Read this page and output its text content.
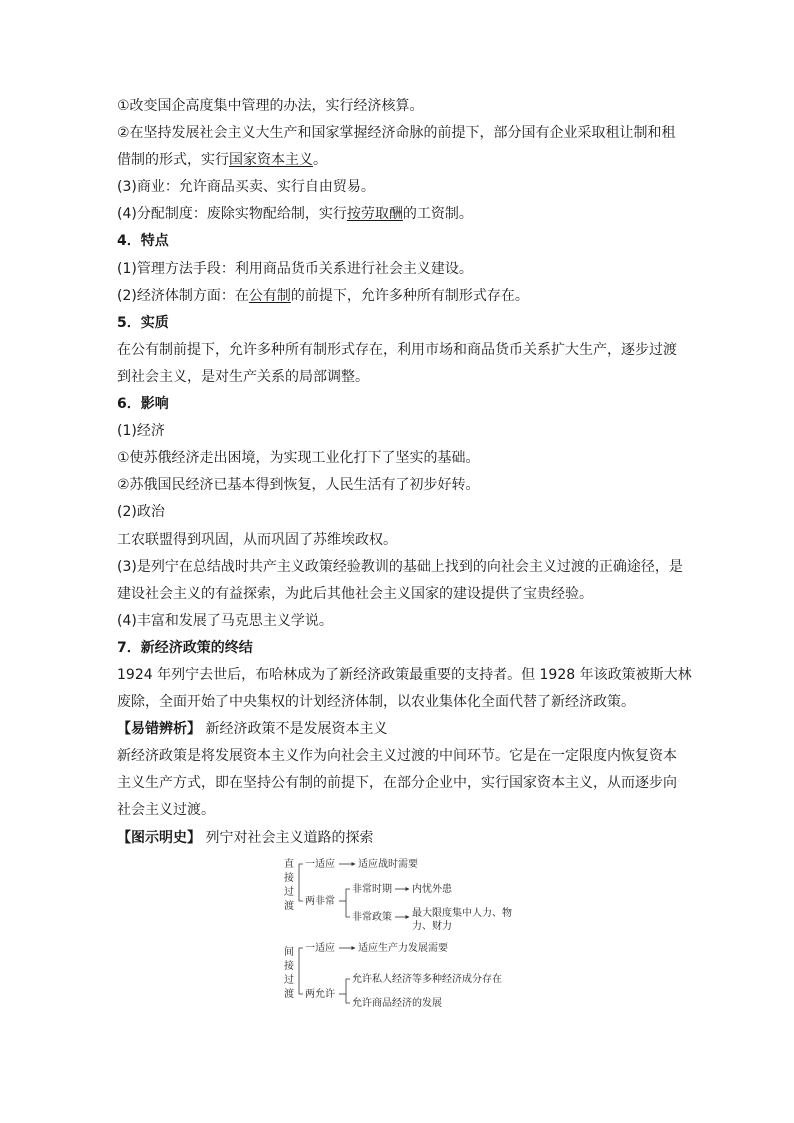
①改变国企高度集中管理的办法，实行经济核算。
②在坚持发展社会主义大生产和国家掌握经济命脉的前提下，部分国有企业采取租让制和租
借制的形式，实行国家资本主义。
(3)商业：允许商品买卖、实行自由贸易。
(4)分配制度：废除实物配给制，实行按劳取酬的工资制。
4．特点
(1)管理方法手段：利用商品货币关系进行社会主义建设。
(2)经济体制方面：在公有制的前提下，允许多种所有制形式存在。
5．实质
在公有制前提下，允许多种所有制形式存在，利用市场和商品货币关系扩大生产，逐步过渡
到社会主义，是对生产关系的局部调整。
6．影响
(1)经济
①使苏俄经济走出困境，为实现工业化打下了坚实的基础。
②苏俄国民经济已基本得到恢复，人民生活有了初步好转。
(2)政治
工农联盟得到巩固，从而巩固了苏维埃政权。
(3)是列宁在总结战时共产主义政策经验教训的基础上找到的向社会主义过渡的正确途径，是
建设社会主义的有益探索，为此后其他社会主义国家的建设提供了宝贵经验。
(4)丰富和发展了马克思主义学说。
7．新经济政策的终结
1924 年列宁去世后，布哈林成为了新经济政策最重要的支持者。但 1928 年该政策被斯大林
废除，全面开始了中央集权的计划经济体制，以农业集体化全面代替了新经济政策。
【易错辨析】 新经济政策不是发展资本主义
新经济政策是将发展资本主义作为向社会主义过渡的中间环节。它是在一定限度内恢复资本
主义生产方式，即在坚持公有制的前提下，在部分企业中，实行国家资本主义，从而逐步向
社会主义过渡。
【图示明史】 列宁对社会主义道路的探索
直
接
过
渡
一适应 适应战时需要
两非常
非常时期 内忧外患
非常政策 最大限度集中人力、物
力、财力
间
接
过
渡
一适应 适应生产力发展需要
两允许
允许私人经济等多种经济成分存在
允许商品经济的发展
